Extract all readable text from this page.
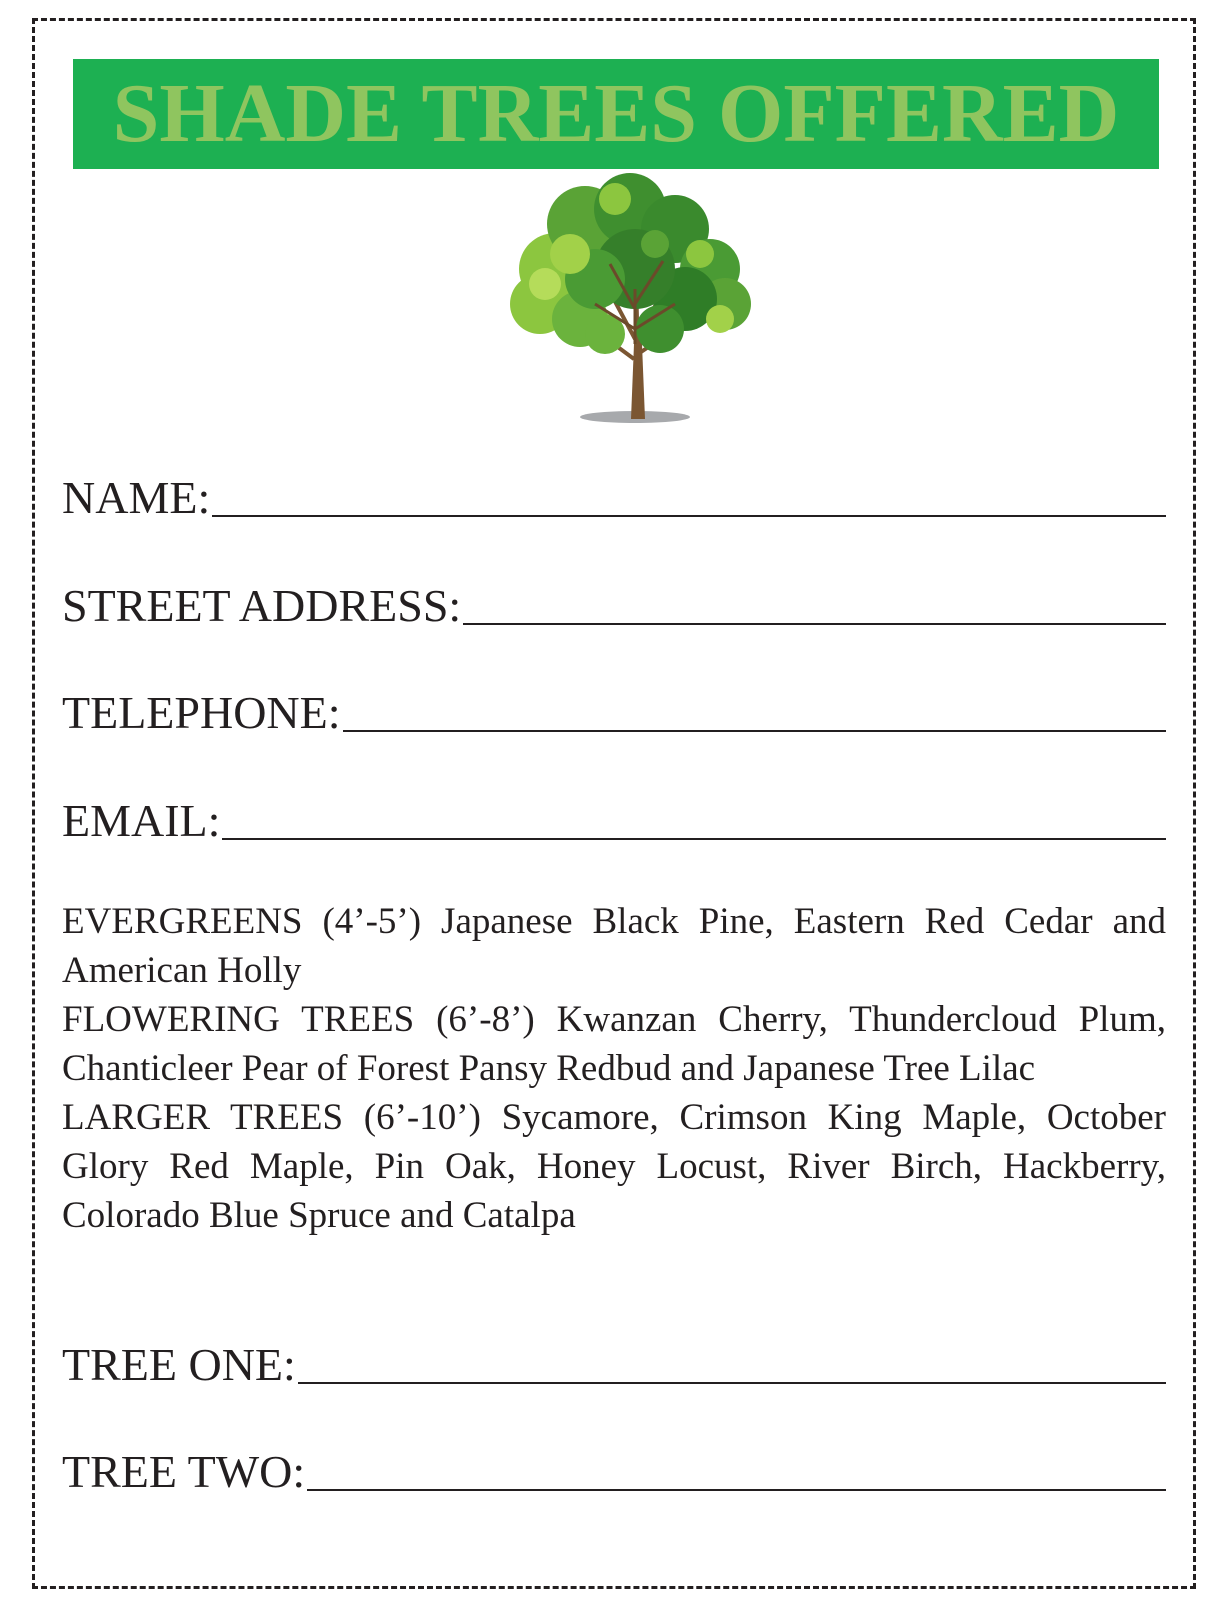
SHADE TREES OFFERED
NAME:
STREET ADDRESS:
TELEPHONE:
EMAIL:

EVERGREENS (4’-5’) Japanese Black Pine, Eastern Red Cedar and American Holly

FLOWERING TREES (6’-8’) Kwanzan Cherry, Thundercloud Plum, Chanticleer Pear of Forest Pansy Redbud and Japanese Tree Lilac

LARGER TREES (6’-10’) Sycamore, Crimson King Maple, October Glory Red Maple, Pin Oak, Honey Locust, River Birch, Hackberry, Colorado Blue Spruce and Catalpa

TREE ONE:
TREE TWO:
